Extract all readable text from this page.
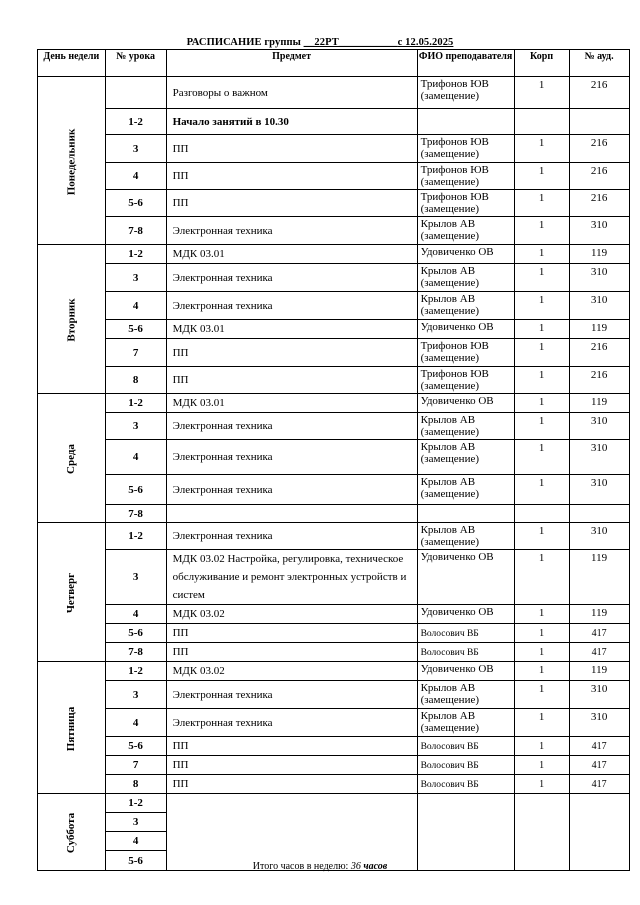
РАСПИСАНИЕ группы __22РТ___________с 12.05.2025
День недели	№ урока	Предмет	ФИО преподавателя	Корп	№ ауд.
Понедельник		Разговоры о важном	Трифонов ЮВ (замещение)	1	216
	1-2	Начало занятий в 10.30			
	3	ПП	Трифонов ЮВ (замещение)	1	216
	4	ПП	Трифонов ЮВ (замещение)	1	216
	5-6	ПП	Трифонов ЮВ (замещение)	1	216
	7-8	Электронная техника	Крылов АВ (замещение)	1	310
Вторник	1-2	МДК 03.01	Удовиченко ОВ	1	119
	3	Электронная техника	Крылов АВ (замещение)	1	310
	4	Электронная техника	Крылов АВ (замещение)	1	310
	5-6	МДК 03.01	Удовиченко ОВ	1	119
	7	ПП	Трифонов ЮВ (замещение)	1	216
	8	ПП	Трифонов ЮВ (замещение)	1	216
Среда	1-2	МДК 03.01	Удовиченко ОВ	1	119
	3	Электронная техника	Крылов АВ (замещение)	1	310
	4	Электронная техника	Крылов АВ (замещение)	1	310
	5-6	Электронная техника	Крылов АВ (замещение)	1	310
	7-8				
Четверг	1-2	Электронная техника	Крылов АВ (замещение)	1	310
	3	МДК 03.02 Настройка, регулировка, техническое обслуживание и ремонт электронных устройств и систем	Удовиченко ОВ	1	119
	4	МДК 03.02	Удовиченко ОВ	1	119
	5-6	ПП	Волосович ВБ	1	417
	7-8	ПП	Волосович ВБ	1	417
Пятница	1-2	МДК 03.02	Удовиченко ОВ	1	119
	3	Электронная техника	Крылов АВ (замещение)	1	310
	4	Электронная техника	Крылов АВ (замещение)	1	310
	5-6	ПП	Волосович ВБ	1	417
	7	ПП	Волосович ВБ	1	417
	8	ПП	Волосович ВБ	1	417
Суббота	1-2				
	3				
	4				
	5-6					Итого часов в неделю: 36 часов
